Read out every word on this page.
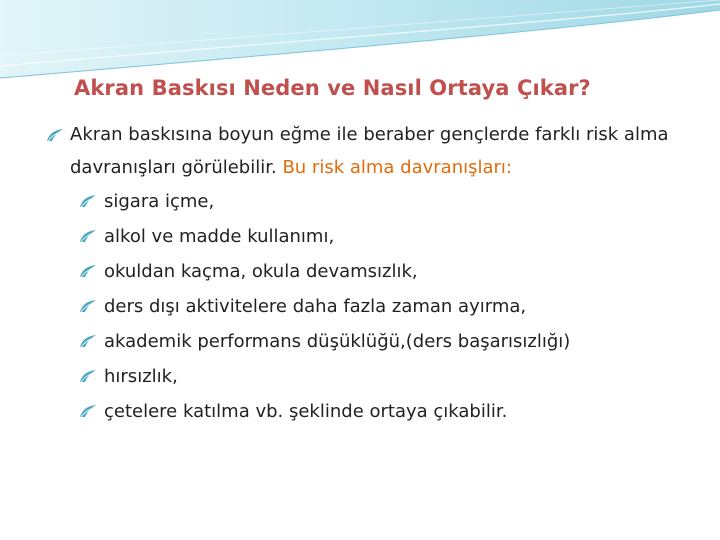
Akran Baskısı Neden ve Nasıl Ortaya Çıkar?
Akran baskısına boyun eğme ile beraber gençlerde farklı risk alma davranışları görülebilir. Bu risk alma davranışları:
sigara içme,
alkol ve madde kullanımı,
okuldan kaçma, okula devamsızlık,
ders dışı aktivitelere daha fazla zaman ayırma,
akademik performans düşüklüğü,(ders başarısızlığı)
hırsızlık,
çetelere katılma vb. şeklinde ortaya çıkabilir.
